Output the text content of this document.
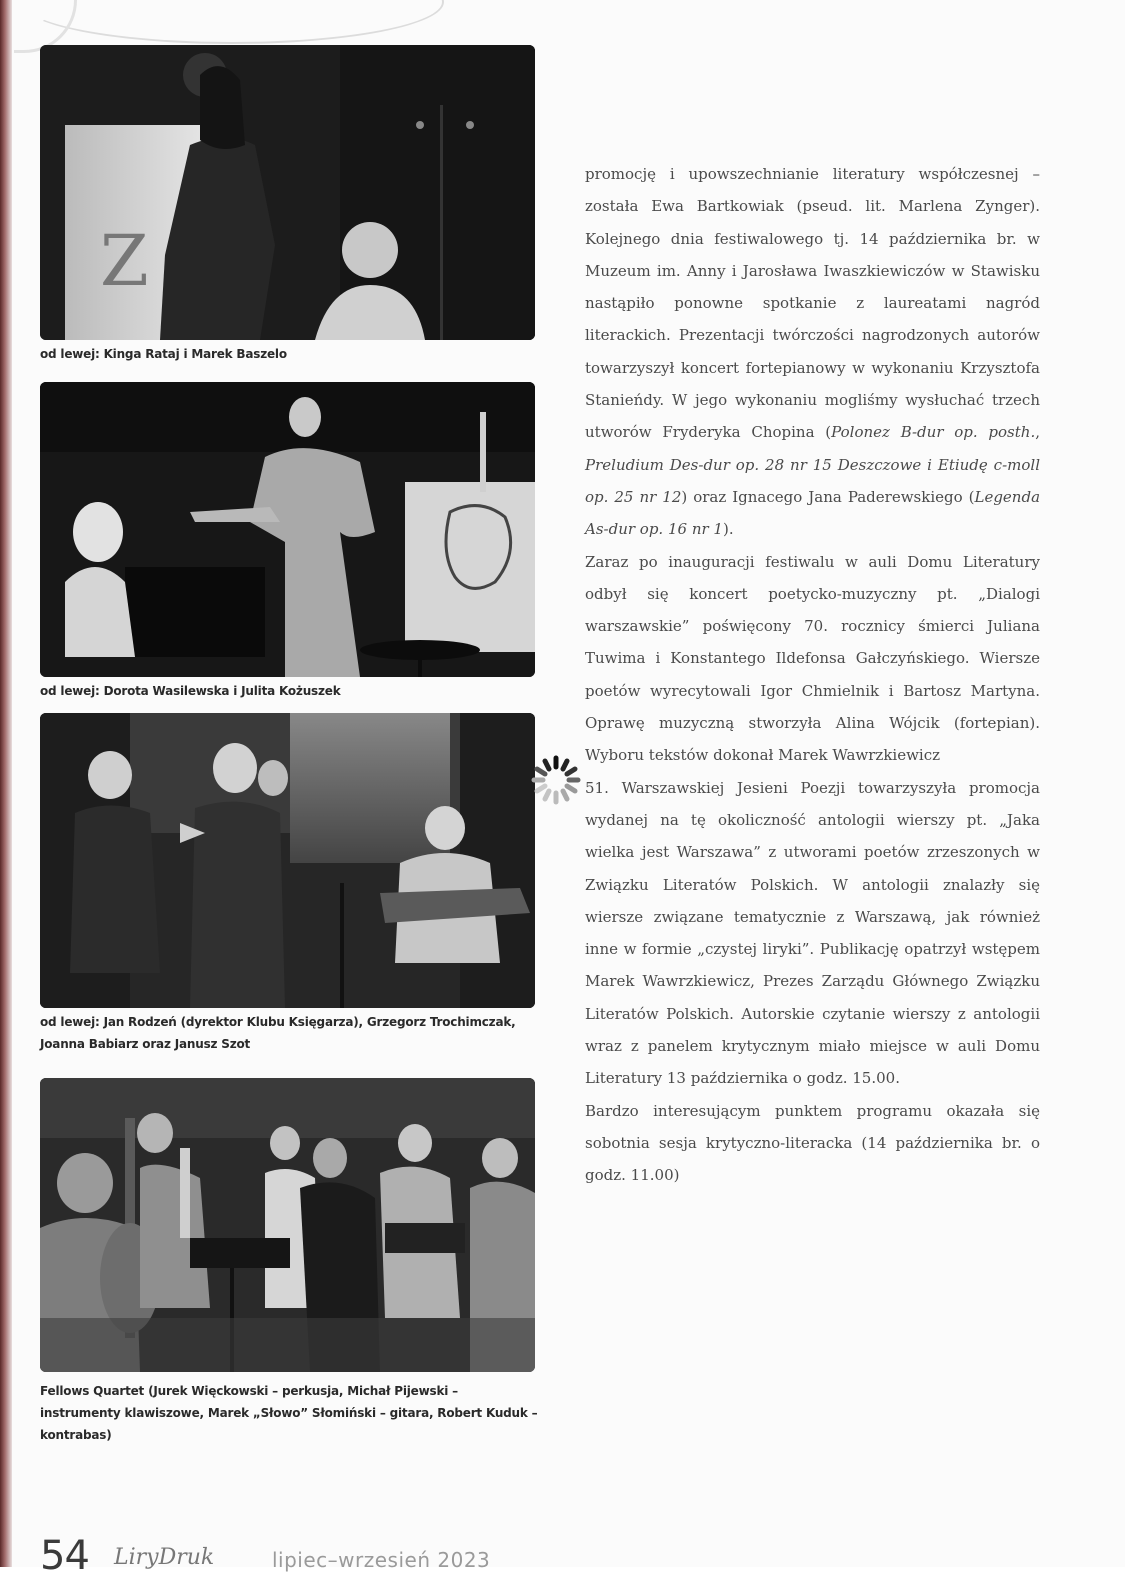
Z
od lewej: Kinga Rataj i Marek Baszelo
od lewej: Dorota Wasilewska i Julita Kożuszek
od lewej: Jan Rodzeń (dyrektor Klubu Księgarza), Grzegorz Trochimczak, Joanna Babiarz oraz Janusz Szot
Fellows Quartet (Jurek Więckowski – perkusja, Michał Pijewski – instrumenty klawiszowe, Marek „Słowo” Słomiński – gitara, Robert Kuduk – kontrabas)

promocję i upowszechnianie literatury współczesnej – została Ewa Bartkowiak (pseud. lit. Marlena Zynger). Kolejnego dnia festiwalowego tj. 14 października br. w Muzeum im. Anny i Jarosława Iwaszkiewiczów w Stawisku nastąpiło ponowne spotkanie z laureatami nagród literackich. Prezentacji twórczości nagrodzonych autorów towarzyszył koncert fortepianowy w wykonaniu Krzysztofa Stanieńdy. W jego wykonaniu mogliśmy wysłuchać trzech utworów Fryderyka Chopina (Polonez B-dur op. posth., Preludium Des-dur op. 28 nr 15 Deszczowe i Etiudę c-moll op. 25 nr 12) oraz Ignacego Jana Paderewskiego (Legenda As-dur op. 16 nr 1).

Zaraz po inauguracji festiwalu w auli Domu Literatury odbył się koncert poetycko-muzyczny pt. „Dialogi warszawskie” poświęcony 70. rocznicy śmierci Juliana Tuwima i Konstantego Ildefonsa Gałczyńskiego. Wiersze poetów wyrecytowali Igor Chmielnik i Bartosz Martyna. Oprawę muzyczną stworzyła Alina Wójcik (fortepian). Wyboru tekstów dokonał Marek Wawrzkiewicz

51. Warszawskiej Jesieni Poezji towarzyszyła promocja wydanej na tę okoliczność antologii wierszy pt. „Jaka wielka jest Warszawa” z utworami poetów zrzeszonych w Związku Literatów Polskich. W antologii znalazły się wiersze związane tematycznie z Warszawą, jak również inne w formie „czystej liryki”. Publikację opatrzył wstępem Marek Wawrzkiewicz, Prezes Zarządu Głównego Związku Literatów Polskich. Autorskie czytanie wierszy z antologii wraz z panelem krytycznym miało miejsce w auli Domu Literatury 13 października o godz. 15.00.

Bardzo interesującym punktem programu okazała się sobotnia sesja krytyczno-literacka (14 października br. o godz. 11.00)

54 LiryDruk	lipiec–wrzesień 2023
